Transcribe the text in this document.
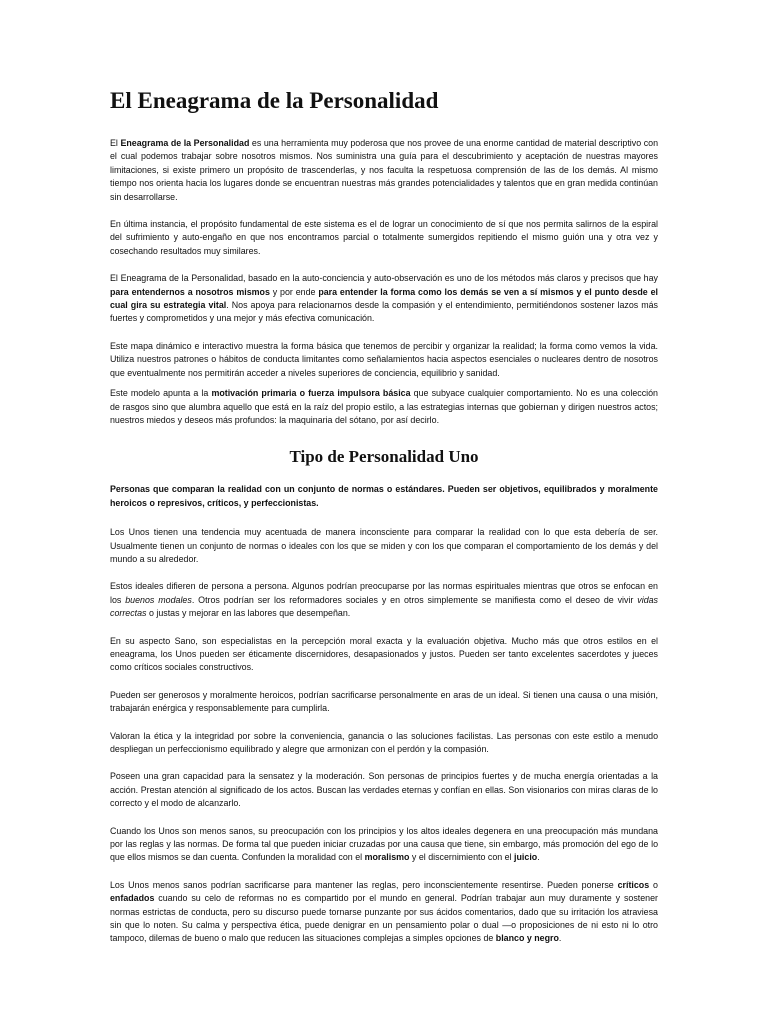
El Eneagrama de la Personalidad

El Eneagrama de la Personalidad es una herramienta muy poderosa que nos provee de una enorme cantidad de material descriptivo con el cual podemos trabajar sobre nosotros mismos. Nos suministra una guía para el descubrimiento y aceptación de nuestras mayores limitaciones, si existe primero un propósito de trascenderlas, y nos faculta la respetuosa comprensión de las de los demás. Al mismo tiempo nos orienta hacia los lugares donde se encuentran nuestras más grandes potencialidades y talentos que en gran medida continúan sin desarrollarse.

En última instancia, el propósito fundamental de este sistema es el de lograr un conocimiento de sí que nos permita salirnos de la espiral del sufrimiento y auto-engaño en que nos encontramos parcial o totalmente sumergidos repitiendo el mismo guión una y otra vez y cosechando resultados muy similares.

El Eneagrama de la Personalidad, basado en la auto-conciencia y auto-observación es uno de los métodos más claros y precisos que hay para entendernos a nosotros mismos y por ende para entender la forma como los demás se ven a sí mismos y el punto desde el cual gira su estrategia vital. Nos apoya para relacionarnos desde la compasión y el entendimiento, permitiéndonos sostener lazos más fuertes y comprometidos y una mejor y más efectiva comunicación.

Este mapa dinámico e interactivo muestra la forma básica que tenemos de percibir y organizar la realidad; la forma como vemos la vida. Utiliza nuestros patrones o hábitos de conducta limitantes como señalamientos hacia aspectos esenciales o nucleares dentro de nosotros que eventualmente nos permitirán acceder a niveles superiores de conciencia, equilibrio y sanidad.

Este modelo apunta a la motivación primaria o fuerza impulsora básica que subyace cualquier comportamiento. No es una colección de rasgos sino que alumbra aquello que está en la raíz del propio estilo, a las estrategias internas que gobiernan y dirigen nuestros actos; nuestros miedos y deseos más profundos: la maquinaria del sótano, por así decirlo.

Tipo de Personalidad Uno

Personas que comparan la realidad con un conjunto de normas o estándares. Pueden ser objetivos, equilibrados y moralmente heroicos o represivos, críticos, y perfeccionistas.

Los Unos tienen una tendencia muy acentuada de manera inconsciente para comparar la realidad con lo que esta debería de ser. Usualmente tienen un conjunto de normas o ideales con los que se miden y con los que comparan el comportamiento de los demás y del mundo a su alrededor.

Estos ideales difieren de persona a persona. Algunos podrían preocuparse por las normas espirituales mientras que otros se enfocan en los buenos modales. Otros podrían ser los reformadores sociales y en otros simplemente se manifiesta como el deseo de vivir vidas correctas o justas y mejorar en las labores que desempeñan.

En su aspecto Sano, son especialistas en la percepción moral exacta y la evaluación objetiva. Mucho más que otros estilos en el eneagrama, los Unos pueden ser éticamente discernidores, desapasionados y justos. Pueden ser tanto excelentes sacerdotes y jueces como críticos sociales constructivos.

Pueden ser generosos y moralmente heroicos, podrían sacrificarse personalmente en aras de un ideal. Si tienen una causa o una misión, trabajarán enérgica y responsablemente para cumplirla.

Valoran la ética y la integridad por sobre la conveniencia, ganancia o las soluciones facilistas. Las personas con este estilo a menudo despliegan un perfeccionismo equilibrado y alegre que armonizan con el perdón y la compasión.

Poseen una gran capacidad para la sensatez y la moderación. Son personas de principios fuertes y de mucha energía orientadas a la acción. Prestan atención al significado de los actos. Buscan las verdades eternas y confían en ellas. Son visionarios con miras claras de lo correcto y el modo de alcanzarlo.

Cuando los Unos son menos sanos, su preocupación con los principios y los altos ideales degenera en una preocupación más mundana por las reglas y las normas. De forma tal que pueden iniciar cruzadas por una causa que tiene, sin embargo, más promoción del ego de lo que ellos mismos se dan cuenta. Confunden la moralidad con el moralismo y el discernimiento con el juicio.

Los Unos menos sanos podrían sacrificarse para mantener las reglas, pero inconscientemente resentirse. Pueden ponerse críticos o enfadados cuando su celo de reformas no es compartido por el mundo en general. Podrían trabajar aun muy duramente y sostener normas estrictas de conducta, pero su discurso puede tornarse punzante por sus ácidos comentarios, dado que su irritación los atraviesa sin que lo noten. Su calma y perspectiva ética, puede denigrar en un pensamiento polar o dual —o proposiciones de ni esto ni lo otro tampoco, dilemas de bueno o malo que reducen las situaciones complejas a simples opciones de blanco y negro.
